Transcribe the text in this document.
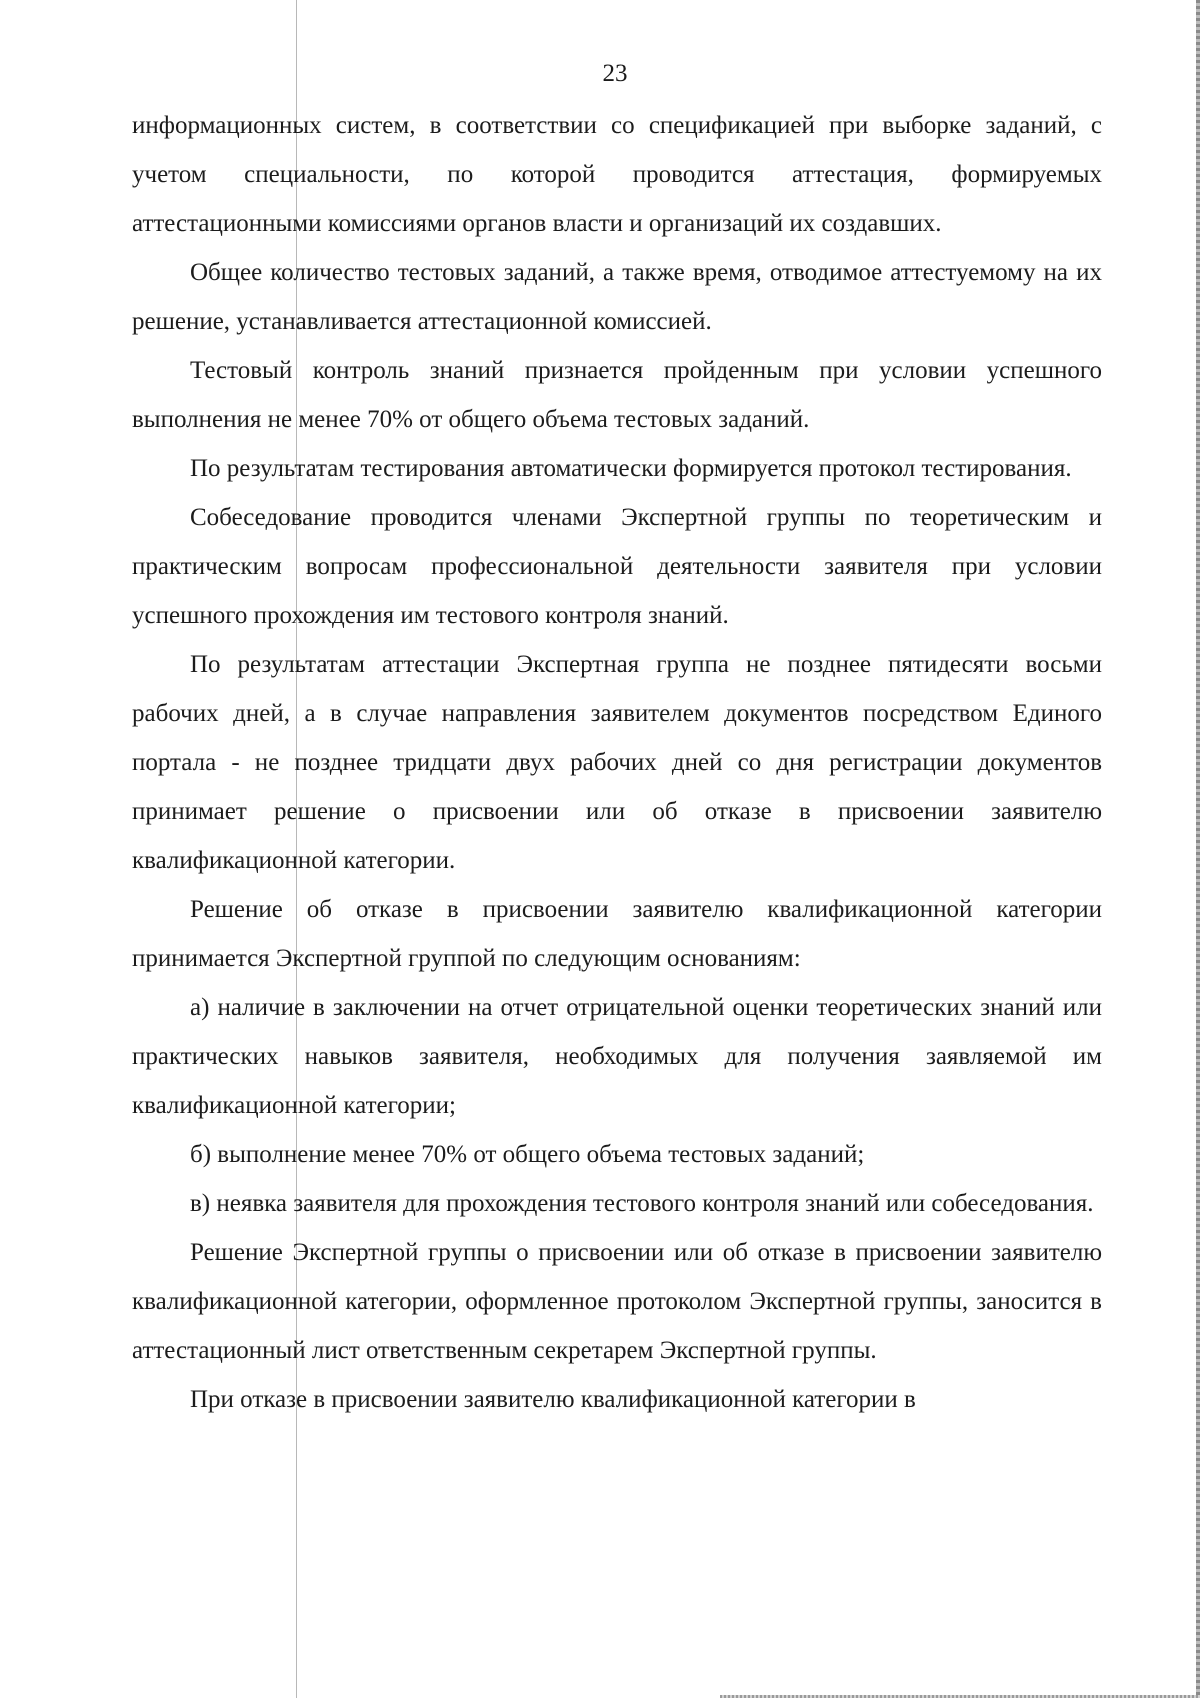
23

информационных систем, в соответствии со спецификацией при выборке заданий, с учетом специальности, по которой проводится аттестация, формируемых аттестационными комиссиями органов власти и организаций их создавших.

Общее количество тестовых заданий, а также время, отводимое аттестуемому на их решение, устанавливается аттестационной комиссией.

Тестовый контроль знаний признается пройденным при условии успешного выполнения не менее 70% от общего объема тестовых заданий.

По результатам тестирования автоматически формируется протокол тестирования.

Собеседование проводится членами Экспертной группы по теоретическим и практическим вопросам профессиональной деятельности заявителя при условии успешного прохождения им тестового контроля знаний.

По результатам аттестации Экспертная группа не позднее пятидесяти восьми рабочих дней, а в случае направления заявителем документов посредством Единого портала - не позднее тридцати двух рабочих дней со дня регистрации документов принимает решение о присвоении или об отказе в присвоении заявителю квалификационной категории.

Решение об отказе в присвоении заявителю квалификационной категории принимается Экспертной группой по следующим основаниям:

а) наличие в заключении на отчет отрицательной оценки теоретических знаний или практических навыков заявителя, необходимых для получения заявляемой им квалификационной категории;

б) выполнение менее 70% от общего объема тестовых заданий;

в) неявка заявителя для прохождения тестового контроля знаний или собеседования.

Решение Экспертной группы о присвоении или об отказе в присвоении заявителю квалификационной категории, оформленное протоколом Экспертной группы, заносится в аттестационный лист ответственным секретарем Экспертной группы.

При отказе в присвоении заявителю квалификационной категории в
